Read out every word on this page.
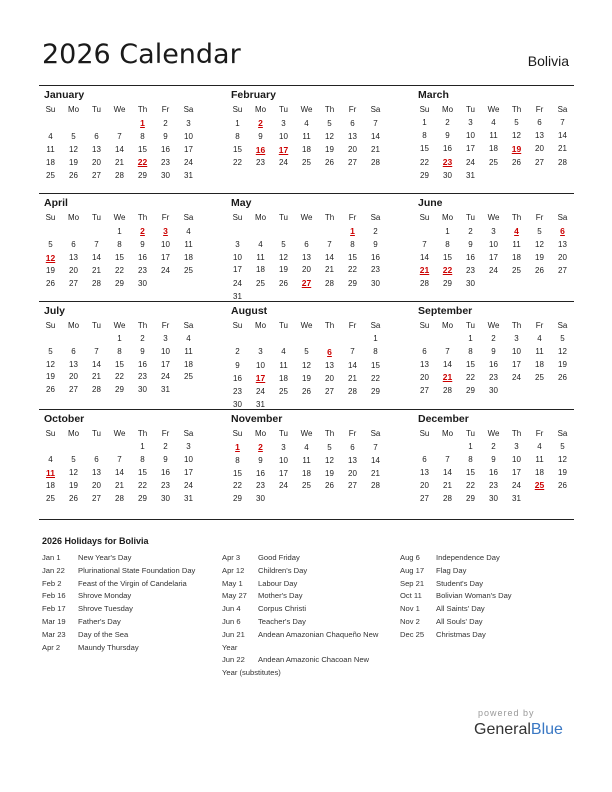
2026 Calendar	Bolivia
January
Su	Mo	Tu	We	Th	Fr	Sa
				1	2	3
4	5	6	7	8	9	10
11	12	13	14	15	16	17
18	19	20	21	22	23	24
25	26	27	28	29	30	31
February
Su	Mo	Tu	We	Th	Fr	Sa
1	2	3	4	5	6	7
8	9	10	11	12	13	14
15	16	17	18	19	20	21
22	23	24	25	26	27	28
March
Su	Mo	Tu	We	Th	Fr	Sa
1	2	3	4	5	6	7
8	9	10	11	12	13	14
15	16	17	18	19	20	21
22	23	24	25	26	27	28
29	30	31				
April
Su	Mo	Tu	We	Th	Fr	Sa
			1	2	3	4
5	6	7	8	9	10	11
12	13	14	15	16	17	18
19	20	21	22	23	24	25
26	27	28	29	30		
May
Su	Mo	Tu	We	Th	Fr	Sa
					1	2
3	4	5	6	7	8	9
10	11	12	13	14	15	16
17	18	19	20	21	22	23
24	25	26	27	28	29	30
31						
June
Su	Mo	Tu	We	Th	Fr	Sa
	1	2	3	4	5	6
7	8	9	10	11	12	13
14	15	16	17	18	19	20
21	22	23	24	25	26	27
28	29	30				
July
Su	Mo	Tu	We	Th	Fr	Sa
			1	2	3	4
5	6	7	8	9	10	11
12	13	14	15	16	17	18
19	20	21	22	23	24	25
26	27	28	29	30	31	
August
Su	Mo	Tu	We	Th	Fr	Sa
						1
2	3	4	5	6	7	8
9	10	11	12	13	14	15
16	17	18	19	20	21	22
23	24	25	26	27	28	29
30	31					
September
Su	Mo	Tu	We	Th	Fr	Sa
		1	2	3	4	5
6	7	8	9	10	11	12
13	14	15	16	17	18	19
20	21	22	23	24	25	26
27	28	29	30			
October
Su	Mo	Tu	We	Th	Fr	Sa
				1	2	3
4	5	6	7	8	9	10
11	12	13	14	15	16	17
18	19	20	21	22	23	24
25	26	27	28	29	30	31
November
Su	Mo	Tu	We	Th	Fr	Sa
1	2	3	4	5	6	7
8	9	10	11	12	13	14
15	16	17	18	19	20	21
22	23	24	25	26	27	28
29	30					
December
Su	Mo	Tu	We	Th	Fr	Sa
		1	2	3	4	5
6	7	8	9	10	11	12
13	14	15	16	17	18	19
20	21	22	23	24	25	26
27	28	29	30	31		
2026 Holidays for Bolivia
Jan 1	New Year's Day
Jan 22	Plurinational State Foundation Day
Feb 2	Feast of the Virgin of Candelaria
Feb 16	Shrove Monday
Feb 17	Shrove Tuesday
Mar 19	Father's Day
Mar 23	Day of the Sea
Apr 2	Maundy Thursday
Apr 3	Good Friday
Apr 12	Children's Day
May 1	Labour Day
May 27	Mother's Day
Jun 4	Corpus Christi
Jun 6	Teacher's Day
Jun 21	Andean Amazonian Chaqueño New
Year
Jun 22	Andean Amazonic Chacoan New
Year (substitutes)
Aug 6	Independence Day
Aug 17	Flag Day
Sep 21	Student's Day
Oct 11	Bolivian Woman's Day
Nov 1	All Saints' Day
Nov 2	All Souls' Day
Dec 25	Christmas Day
powered by
GeneralBlue
